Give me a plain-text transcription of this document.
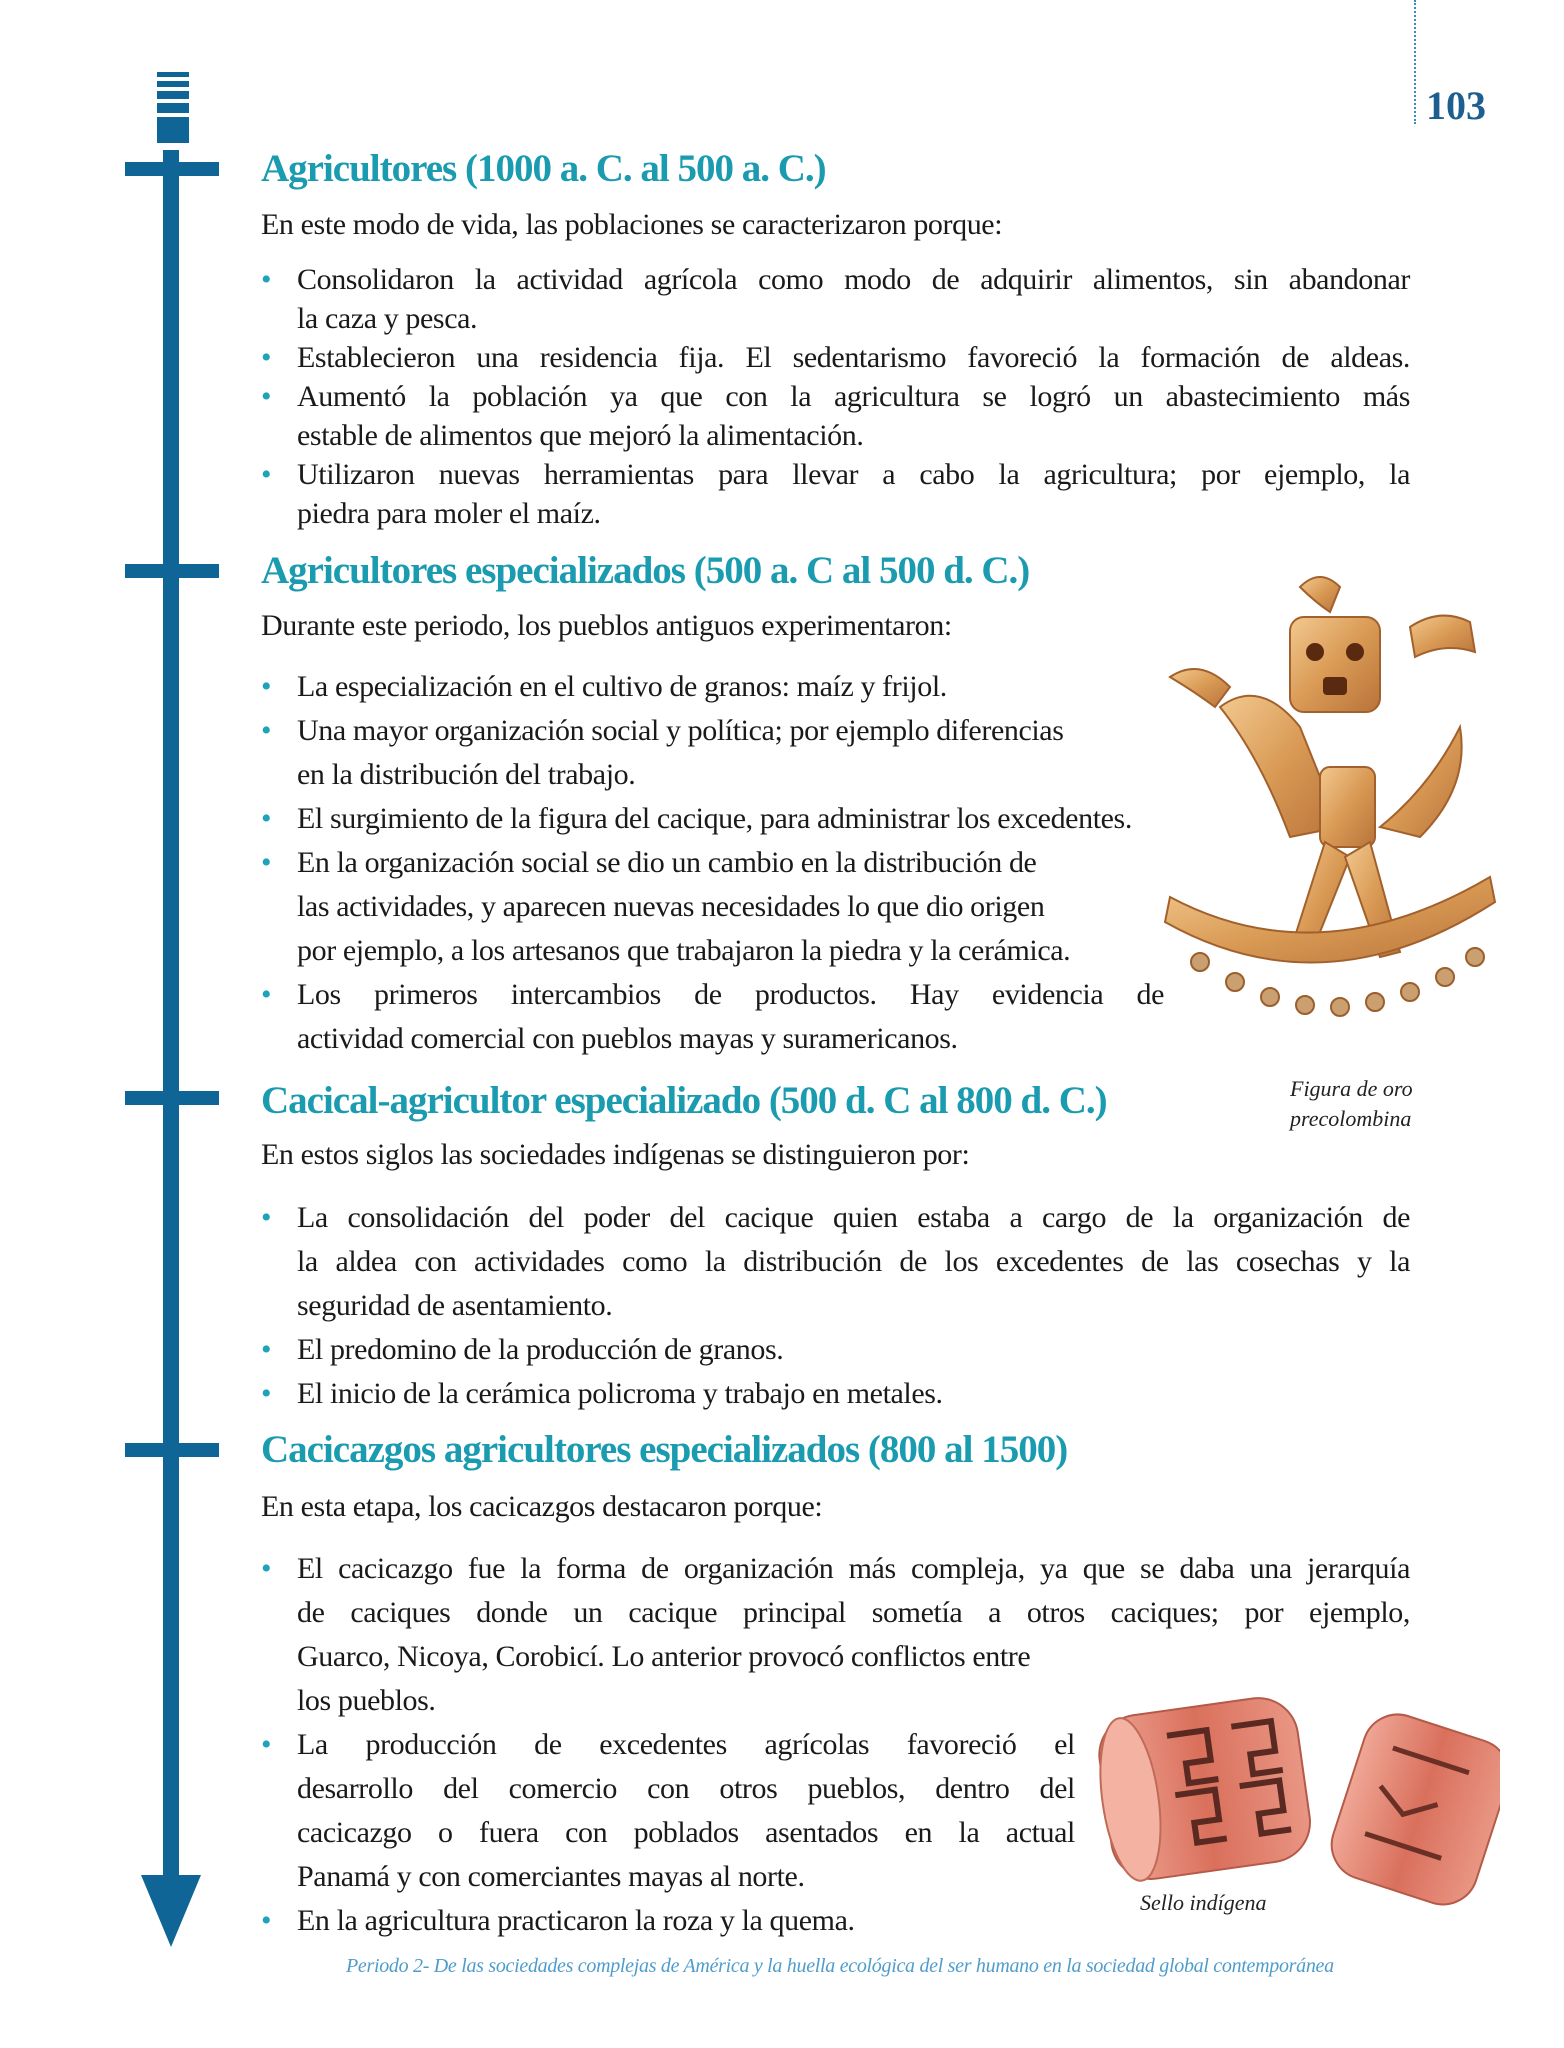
103
Agricultores (1000 a. C. al 500 a. C.)
En este modo de vida, las poblaciones se caracterizaron porque:
• Consolidaron la actividad agrícola como modo de adquirir alimentos, sin abandonar
la caza y pesca.
• Establecieron una residencia fija. El sedentarismo favoreció la formación de aldeas.
• Aumentó la población ya que con la agricultura se logró un abastecimiento más
estable de alimentos que mejoró la alimentación.
• Utilizaron nuevas herramientas para llevar a cabo la agricultura; por ejemplo, la
piedra para moler el maíz.
Agricultores especializados (500 a. C al 500 d. C.)
Durante este periodo, los pueblos antiguos experimentaron:
• La especialización en el cultivo de granos: maíz y frijol.
• Una mayor organización social y política; por ejemplo diferencias
en la distribución del trabajo.
• El surgimiento de la figura del cacique, para administrar los excedentes.
• En la organización social se dio un cambio en la distribución de
las actividades, y aparecen nuevas necesidades lo que dio origen
por ejemplo, a los artesanos que trabajaron la piedra y la cerámica.
• Los primeros intercambios de productos. Hay evidencia de
actividad comercial con pueblos mayas y suramericanos.
Figura de oro
precolombina
Cacical-agricultor especializado (500 d. C al 800 d. C.)
En estos siglos las sociedades indígenas se distinguieron por:
• La consolidación del poder del cacique quien estaba a cargo de la organización de
la aldea con actividades como la distribución de los excedentes de las cosechas y la
seguridad de asentamiento.
• El predomino de la producción de granos.
• El inicio de la cerámica policroma y trabajo en metales.
Cacicazgos agricultores especializados (800 al 1500)
En esta etapa, los cacicazgos destacaron porque:
• El cacicazgo fue la forma de organización más compleja, ya que se daba una jerarquía
de caciques donde un cacique principal sometía a otros caciques; por ejemplo,
Guarco, Nicoya, Corobicí. Lo anterior provocó conflictos entre
los pueblos.
• La producción de excedentes agrícolas favoreció el
desarrollo del comercio con otros pueblos, dentro del
cacicazgo o fuera con poblados asentados en la actual
Panamá y con comerciantes mayas al norte.
• En la agricultura practicaron la roza y la quema.
Sello indígena
Periodo 2- De las sociedades complejas de América y la huella ecológica del ser humano en la sociedad global contemporánea
